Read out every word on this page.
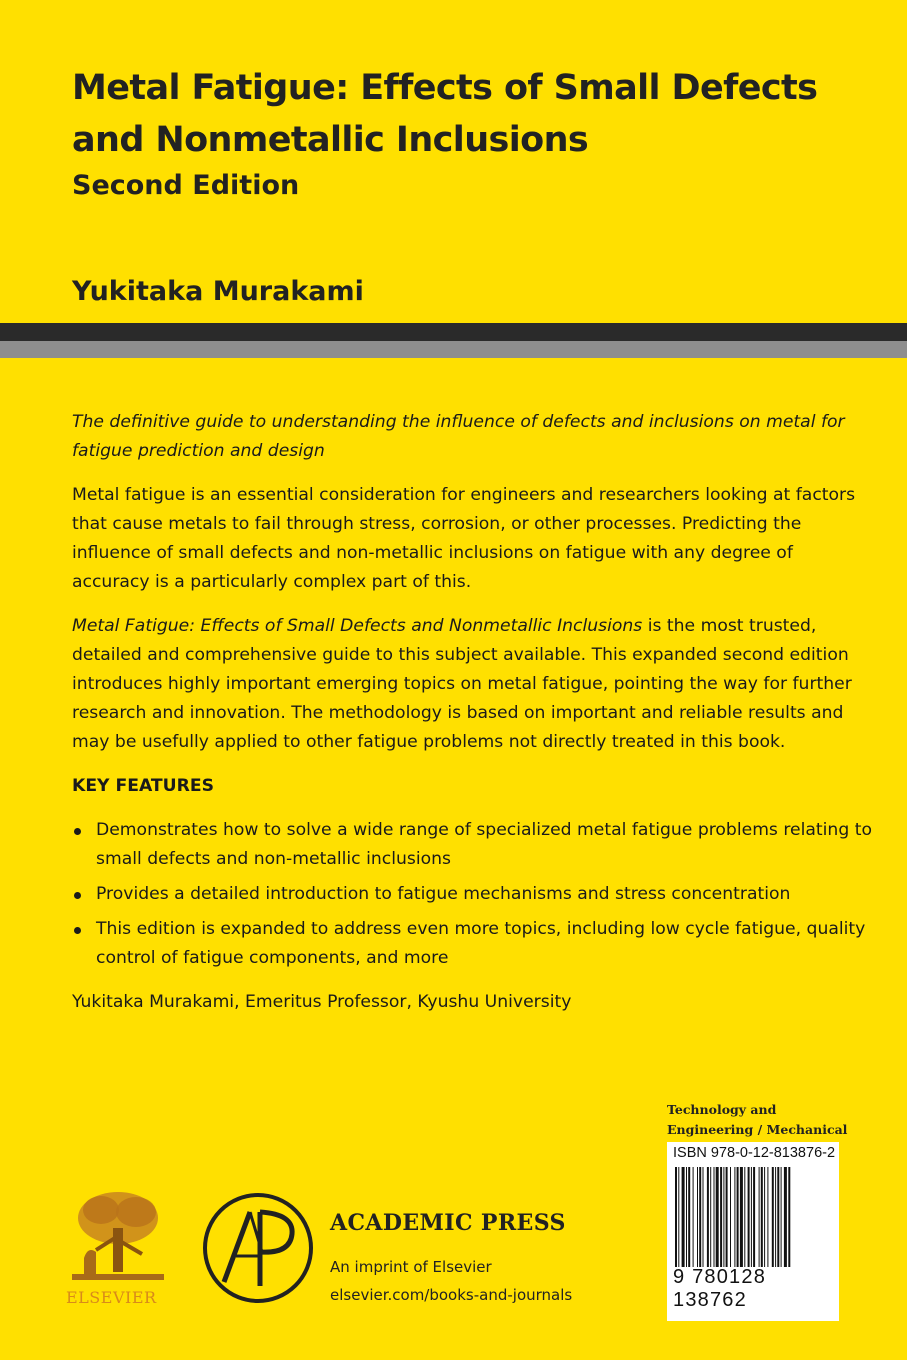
Metal Fatigue: Effects of Small Defects and Nonmetallic Inclusions
Second Edition
Yukitaka Murakami

The definitive guide to understanding the influence of defects and inclusions on metal for fatigue prediction and design

Metal fatigue is an essential consideration for engineers and researchers looking at factors that cause metals to fail through stress, corrosion, or other processes. Predicting the influence of small defects and non-metallic inclusions on fatigue with any degree of accuracy is a particularly complex part of this.

Metal Fatigue: Effects of Small Defects and Nonmetallic Inclusions is the most trusted, detailed and comprehensive guide to this subject available. This expanded second edition introduces highly important emerging topics on metal fatigue, pointing the way for further research and innovation. The methodology is based on important and reliable results and may be usefully applied to other fatigue problems not directly treated in this book.

KEY FEATURES

Demonstrates how to solve a wide range of specialized metal fatigue problems relating to small defects and non-metallic inclusions
Provides a detailed introduction to fatigue mechanisms and stress concentration
This edition is expanded to address even more topics, including low cycle fatigue, quality control of fatigue components, and more

Yukitaka Murakami, Emeritus Professor, Kyushu University

Technology and
Engineering / Mechanical
ISBN 978-0-12-813876-2
9 780128 138762
ELSEVIER
ACADEMIC PRESS
An imprint of Elsevier
elsevier.com/books-and-journals
